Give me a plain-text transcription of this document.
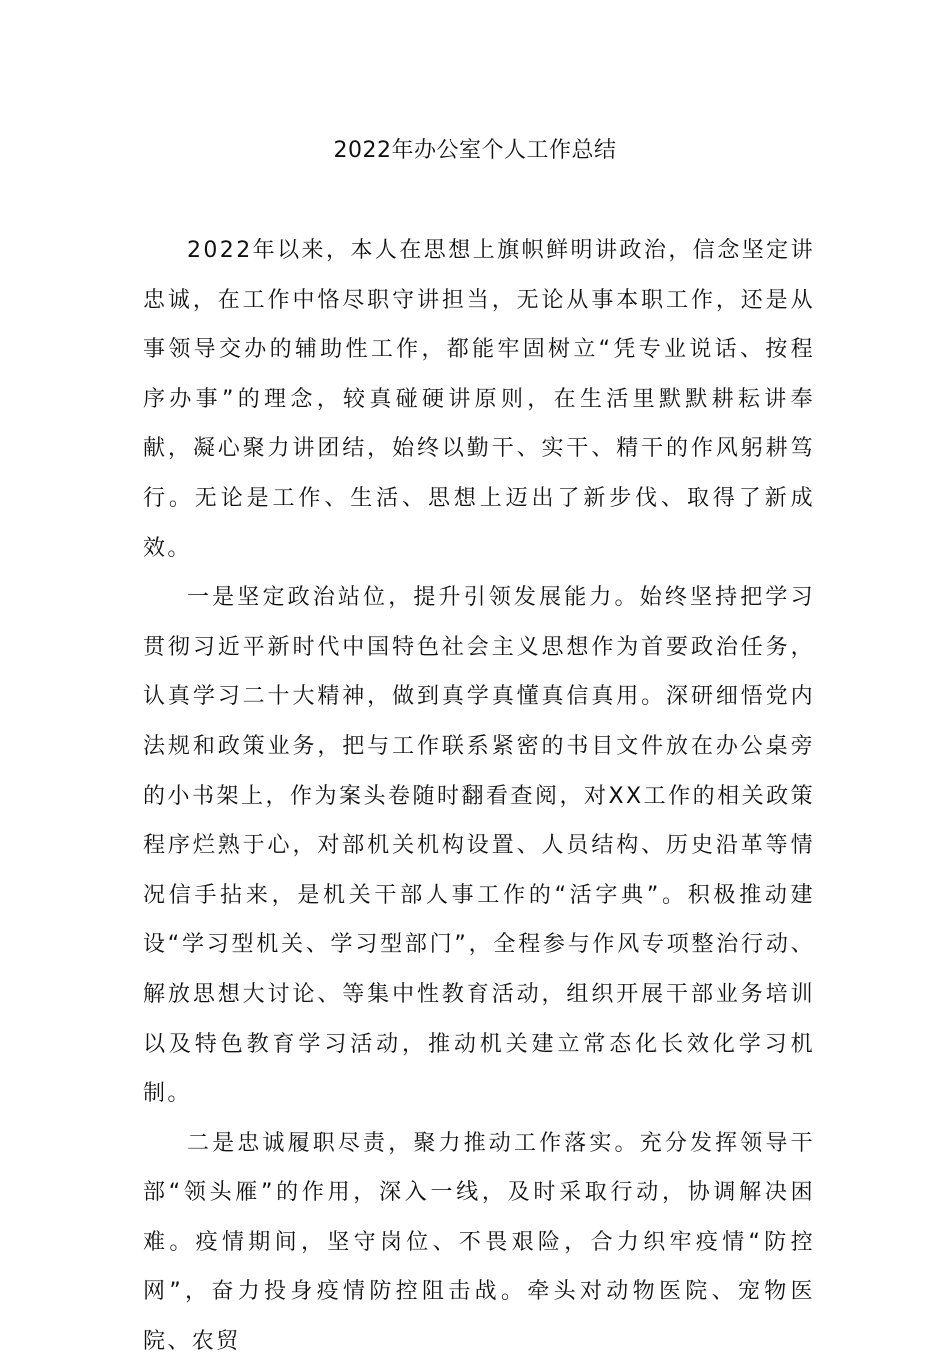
2022年办公室个人工作总结

2022年以来，本人在思想上旗帜鲜明讲政治，信念坚定讲忠诚，在工作中恪尽职守讲担当，无论从事本职工作，还是从事领导交办的辅助性工作，都能牢固树立“凭专业说话、按程序办事”的理念，较真碰硬讲原则，在生活里默默耕耘讲奉献，凝心聚力讲团结，始终以勤干、实干、精干的作风躬耕笃行。无论是工作、生活、思想上迈出了新步伐、取得了新成效。

一是坚定政治站位，提升引领发展能力。始终坚持把学习贯彻习近平新时代中国特色社会主义思想作为首要政治任务，认真学习二十大精神，做到真学真懂真信真用。深研细悟党内法规和政策业务，把与工作联系紧密的书目文件放在办公桌旁的小书架上，作为案头卷随时翻看查阅，对XX工作的相关政策程序烂熟于心，对部机关机构设置、人员结构、历史沿革等情况信手拈来，是机关干部人事工作的“活字典”。积极推动建设“学习型机关、学习型部门”，全程参与作风专项整治行动、解放思想大讨论、等集中性教育活动，组织开展干部业务培训以及特色教育学习活动，推动机关建立常态化长效化学习机制。

二是忠诚履职尽责，聚力推动工作落实。充分发挥领导干部“领头雁”的作用，深入一线，及时采取行动，协调解决困难。疫情期间，坚守岗位、不畏艰险，合力织牢疫情“防控网”，奋力投身疫情防控阻击战。牵头对动物医院、宠物医院、农贸
